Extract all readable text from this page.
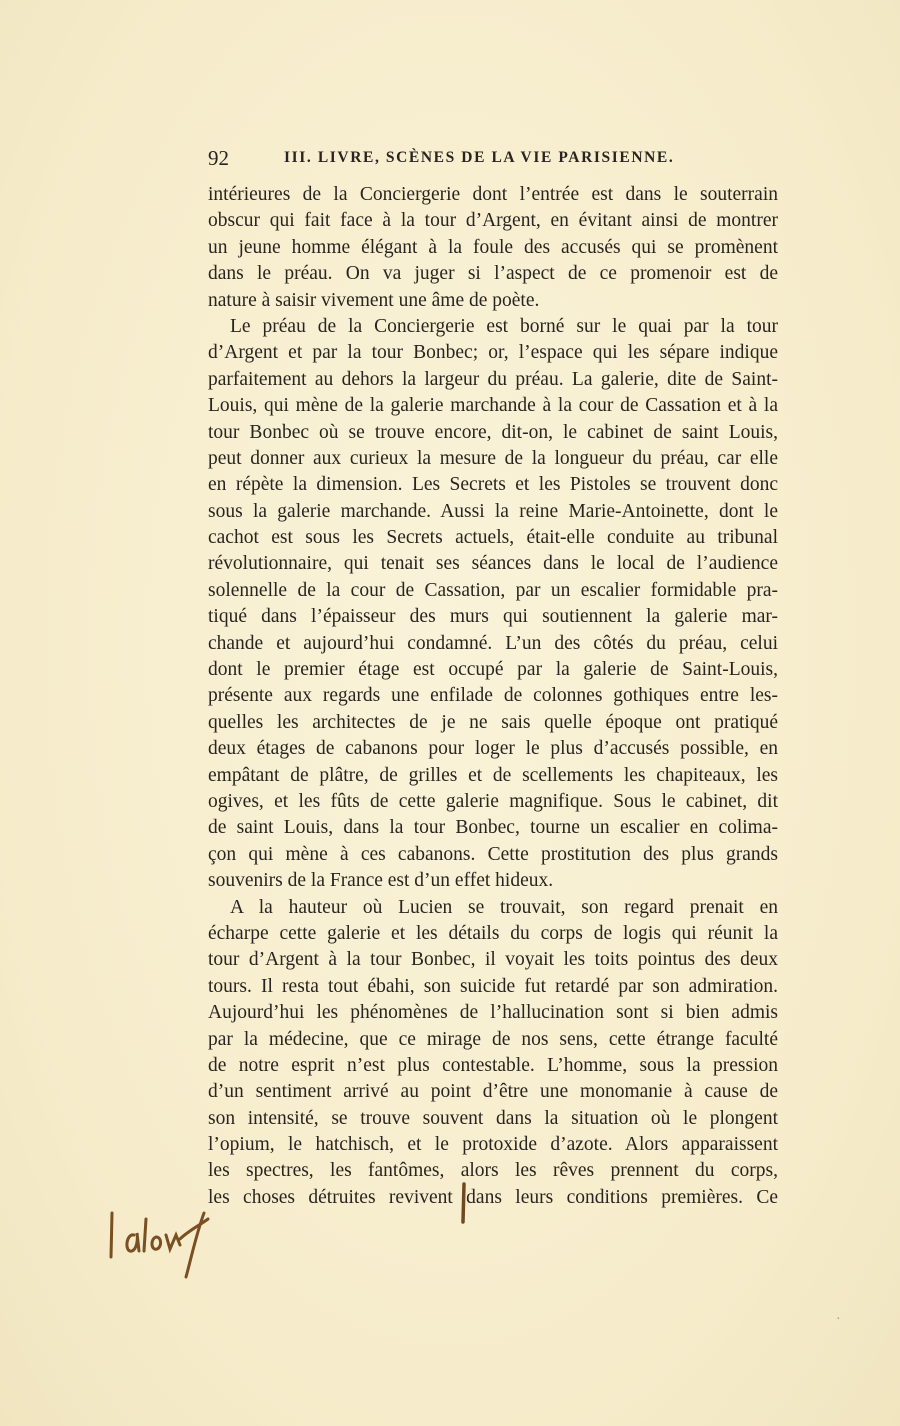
92	III. LIVRE, SCÈNES DE LA VIE PARISIENNE.
intérieures de la Conciergerie dont l’entrée est dans le souterrain
obscur qui fait face à la tour d’Argent, en évitant ainsi de montrer
un jeune homme élégant à la foule des accusés qui se promènent
dans le préau. On va juger si l’aspect de ce promenoir est de
nature à saisir vivement une âme de poète.
Le préau de la Conciergerie est borné sur le quai par la tour
d’Argent et par la tour Bonbec; or, l’espace qui les sépare indique
parfaitement au dehors la largeur du préau. La galerie, dite de Saint-
Louis, qui mène de la galerie marchande à la cour de Cassation et à la
tour Bonbec où se trouve encore, dit-on, le cabinet de saint Louis,
peut donner aux curieux la mesure de la longueur du préau, car elle
en répète la dimension. Les Secrets et les Pistoles se trouvent donc
sous la galerie marchande. Aussi la reine Marie-Antoinette, dont le
cachot est sous les Secrets actuels, était-elle conduite au tribunal
révolutionnaire, qui tenait ses séances dans le local de l’audience
solennelle de la cour de Cassation, par un escalier formidable pra-
tiqué dans l’épaisseur des murs qui soutiennent la galerie mar-
chande et aujourd’hui condamné. L’un des côtés du préau, celui
dont le premier étage est occupé par la galerie de Saint-Louis,
présente aux regards une enfilade de colonnes gothiques entre les-
quelles les architectes de je ne sais quelle époque ont pratiqué
deux étages de cabanons pour loger le plus d’accusés possible, en
empâtant de plâtre, de grilles et de scellements les chapiteaux, les
ogives, et les fûts de cette galerie magnifique. Sous le cabinet, dit
de saint Louis, dans la tour Bonbec, tourne un escalier en colima-
çon qui mène à ces cabanons. Cette prostitution des plus grands
souvenirs de la France est d’un effet hideux.
A la hauteur où Lucien se trouvait, son regard prenait en
écharpe cette galerie et les détails du corps de logis qui réunit la
tour d’Argent à la tour Bonbec, il voyait les toits pointus des deux
tours. Il resta tout ébahi, son suicide fut retardé par son admiration.
Aujourd’hui les phénomènes de l’hallucination sont si bien admis
par la médecine, que ce mirage de nos sens, cette étrange faculté
de notre esprit n’est plus contestable. L’homme, sous la pression
d’un sentiment arrivé au point d’être une monomanie à cause de
son intensité, se trouve souvent dans la situation où le plongent
l’opium, le hatchisch, et le protoxide d’azote. Alors apparaissent
les spectres, les fantômes, alors les rêves prennent du corps,
les choses détruites revivent dans leurs conditions premières. Ce
·
